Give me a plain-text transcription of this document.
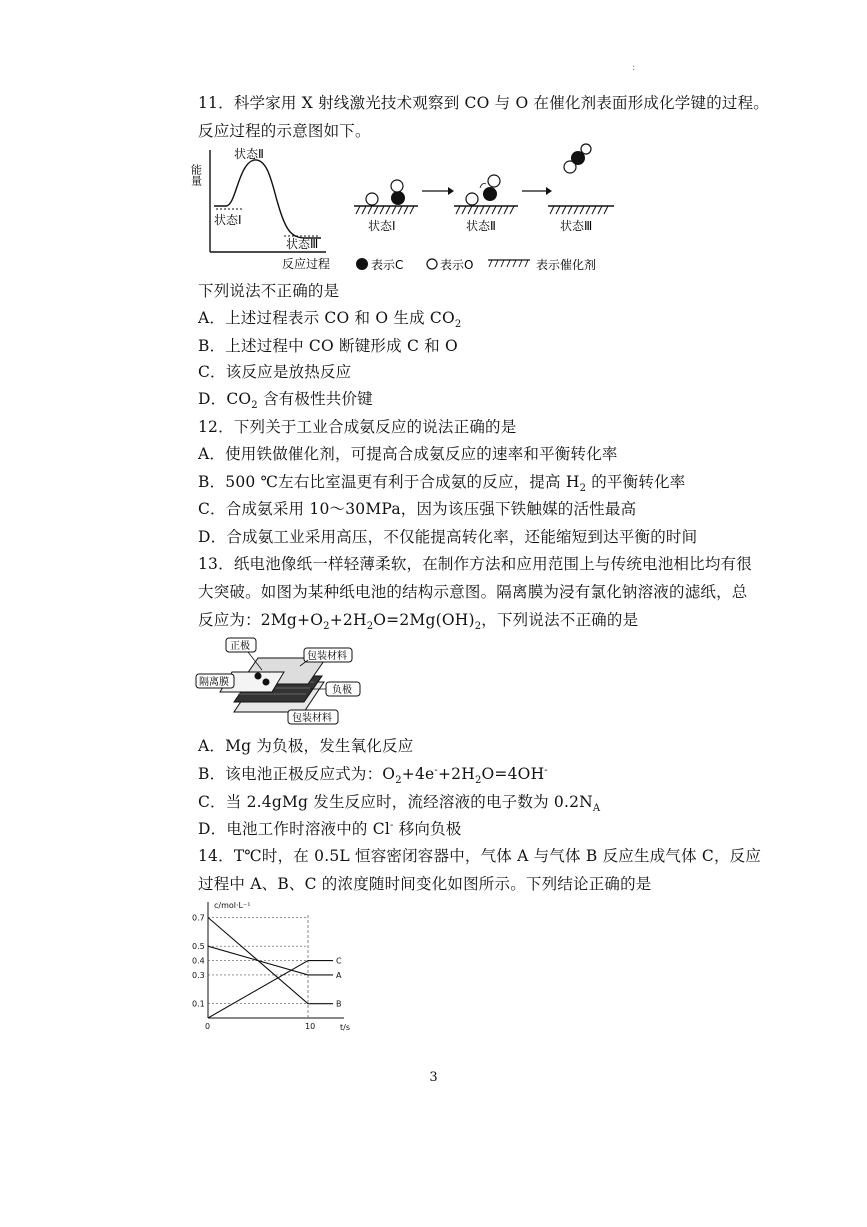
:
11．科学家用 X 射线激光技术观察到 CO 与 O 在催化剂表面形成化学键的过程。
反应过程的示意图如下。
能量
状态Ⅱ
状态Ⅰ
状态Ⅲ
反应过程
状态Ⅰ	状态Ⅱ	状态Ⅲ
表示C	表示O	表示催化剂
下列说法不正确的是
A．上述过程表示 CO 和 O 生成 $CO_2$
B．上述过程中 CO 断键形成 C 和 O
C．该反应是放热反应
D．$CO_2$ 含有极性共价键
12．下列关于工业合成氨反应的说法正确的是
A．使用铁做催化剂，可提高合成氨反应的速率和平衡转化率
B．500 ℃左右比室温更有利于合成氨的反应，提高 $H_2$ 的平衡转化率
C．合成氨采用 10～30MPa，因为该压强下铁触媒的活性最高
D．合成氨工业采用高压，不仅能提高转化率，还能缩短到达平衡的时间
13．纸电池像纸一样轻薄柔软，在制作方法和应用范围上与传统电池相比均有很
大突破。如图为某种纸电池的结构示意图。隔离膜为浸有氯化钠溶液的滤纸，总
反应为：$2Mg+O_2+2H_2O=2Mg(OH)_2$，下列说法不正确的是
正极
包装材料
隔离膜
负极
包装材料
A．Mg 为负极，发生氧化反应
B．该电池正极反应式为：$O_2+4e^-+2H_2O=4OH^-$
C．当 2.4gMg 发生反应时，流经溶液的电子数为 $0.2N_A$
D．电池工作时溶液中的 Cl- 移向负极
14．T℃时，在 0.5L 恒容密闭容器中，气体 A 与气体 B 反应生成气体 C，反应
过程中 A、B、C 的浓度随时间变化如图所示。下列结论正确的是
c/mol·L⁻¹
t/s
0.7
0.5
0.4
0.3
0.1
0	10
A
B
C
3
